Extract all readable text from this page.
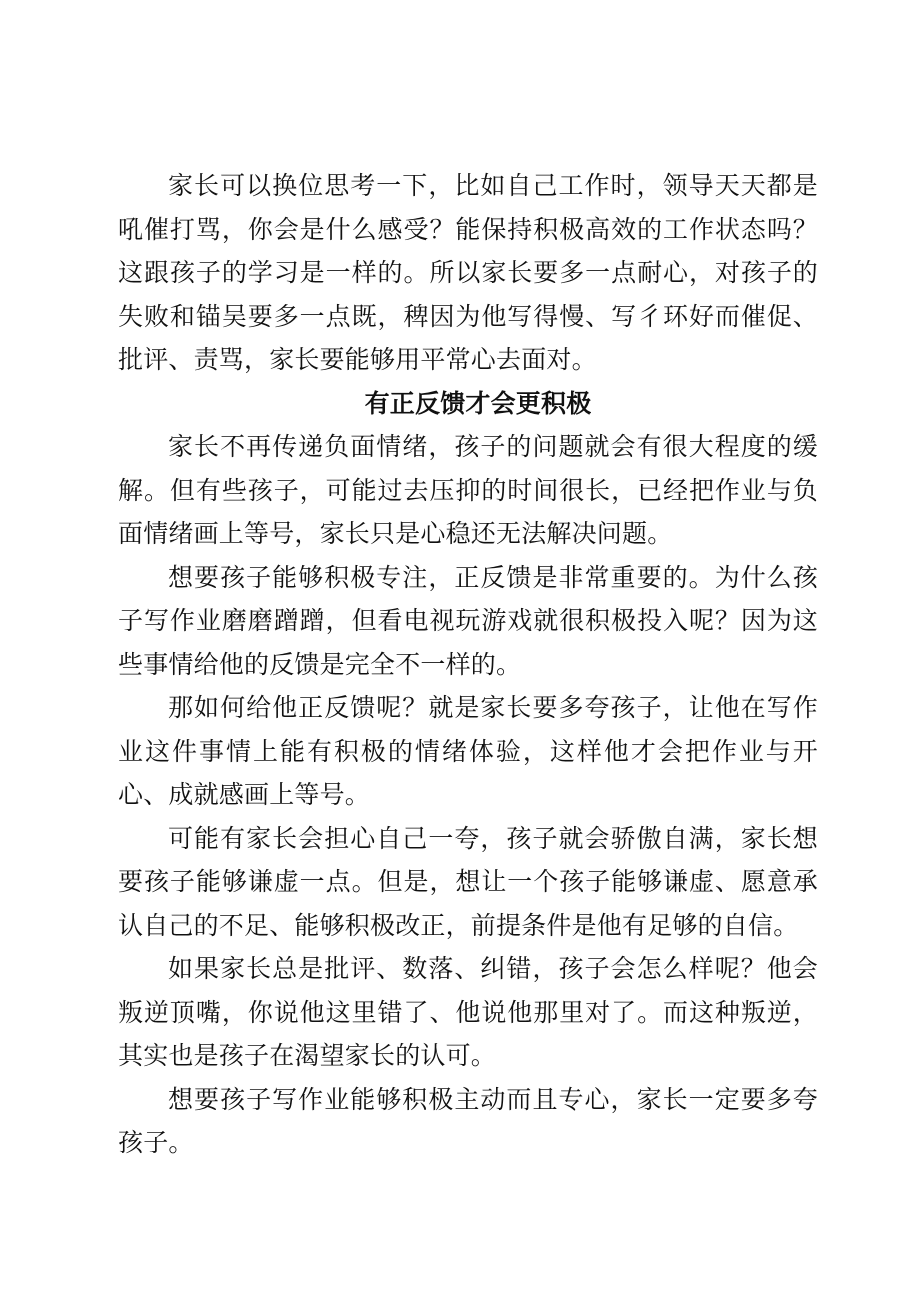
家长可以换位思考一下，比如自己工作时，领导天天都是吼催打骂，你会是什么感受？能保持积极高效的工作状态吗？这跟孩子的学习是一样的。所以家长要多一点耐心，对孩子的失败和锚吴要多一点既，稗因为他写得慢、写彳环好而催促、批评、责骂，家长要能够用平常心去面对。

有正反馈才会更积极

家长不再传递负面情绪，孩子的问题就会有很大程度的缓解。但有些孩子，可能过去压抑的时间很长，已经把作业与负面情绪画上等号，家长只是心稳还无法解决问题。

想要孩子能够积极专注，正反馈是非常重要的。为什么孩子写作业磨磨蹭蹭，但看电视玩游戏就很积极投入呢？因为这些事情给他的反馈是完全不一样的。

那如何给他正反馈呢？就是家长要多夸孩子，让他在写作业这件事情上能有积极的情绪体验，这样他才会把作业与开心、成就感画上等号。

可能有家长会担心自己一夸，孩子就会骄傲自满，家长想要孩子能够谦虚一点。但是，想让一个孩子能够谦虚、愿意承认自己的不足、能够积极改正，前提条件是他有足够的自信。

如果家长总是批评、数落、纠错，孩子会怎么样呢？他会叛逆顶嘴，你说他这里错了、他说他那里对了。而这种叛逆，其实也是孩子在渴望家长的认可。

想要孩子写作业能够积极主动而且专心，家长一定要多夸孩子。
